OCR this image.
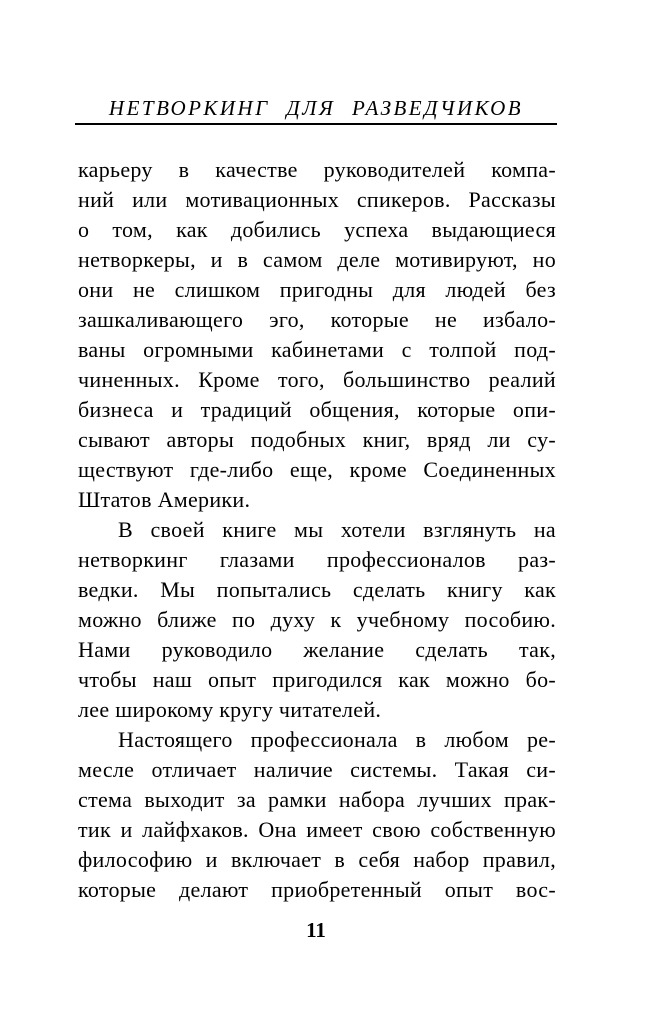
НЕТВОРКИНГ ДЛЯ РАЗВЕДЧИКОВ
карьеру в качестве руководителей компа-
ний или мотивационных спикеров. Рассказы
о том, как добились успеха выдающиеся
нетворкеры, и в самом деле мотивируют, но
они не слишком пригодны для людей без
зашкаливающего эго, которые не избало-
ваны огромными кабинетами с толпой под-
чиненных. Кроме того, большинство реалий
бизнеса и традиций общения, которые опи-
сывают авторы подобных книг, вряд ли су-
ществуют где-либо еще, кроме Соединенных
Штатов Америки.
В своей книге мы хотели взглянуть на
нетворкинг глазами профессионалов раз-
ведки. Мы попытались сделать книгу как
можно ближе по духу к учебному пособию.
Нами руководило желание сделать так,
чтобы наш опыт пригодился как можно бо-
лее широкому кругу читателей.
Настоящего профессионала в любом ре-
месле отличает наличие системы. Такая си-
стема выходит за рамки набора лучших прак-
тик и лайфхаков. Она имеет свою собственную
философию и включает в себя набор правил,
которые делают приобретенный опыт вос-
11
